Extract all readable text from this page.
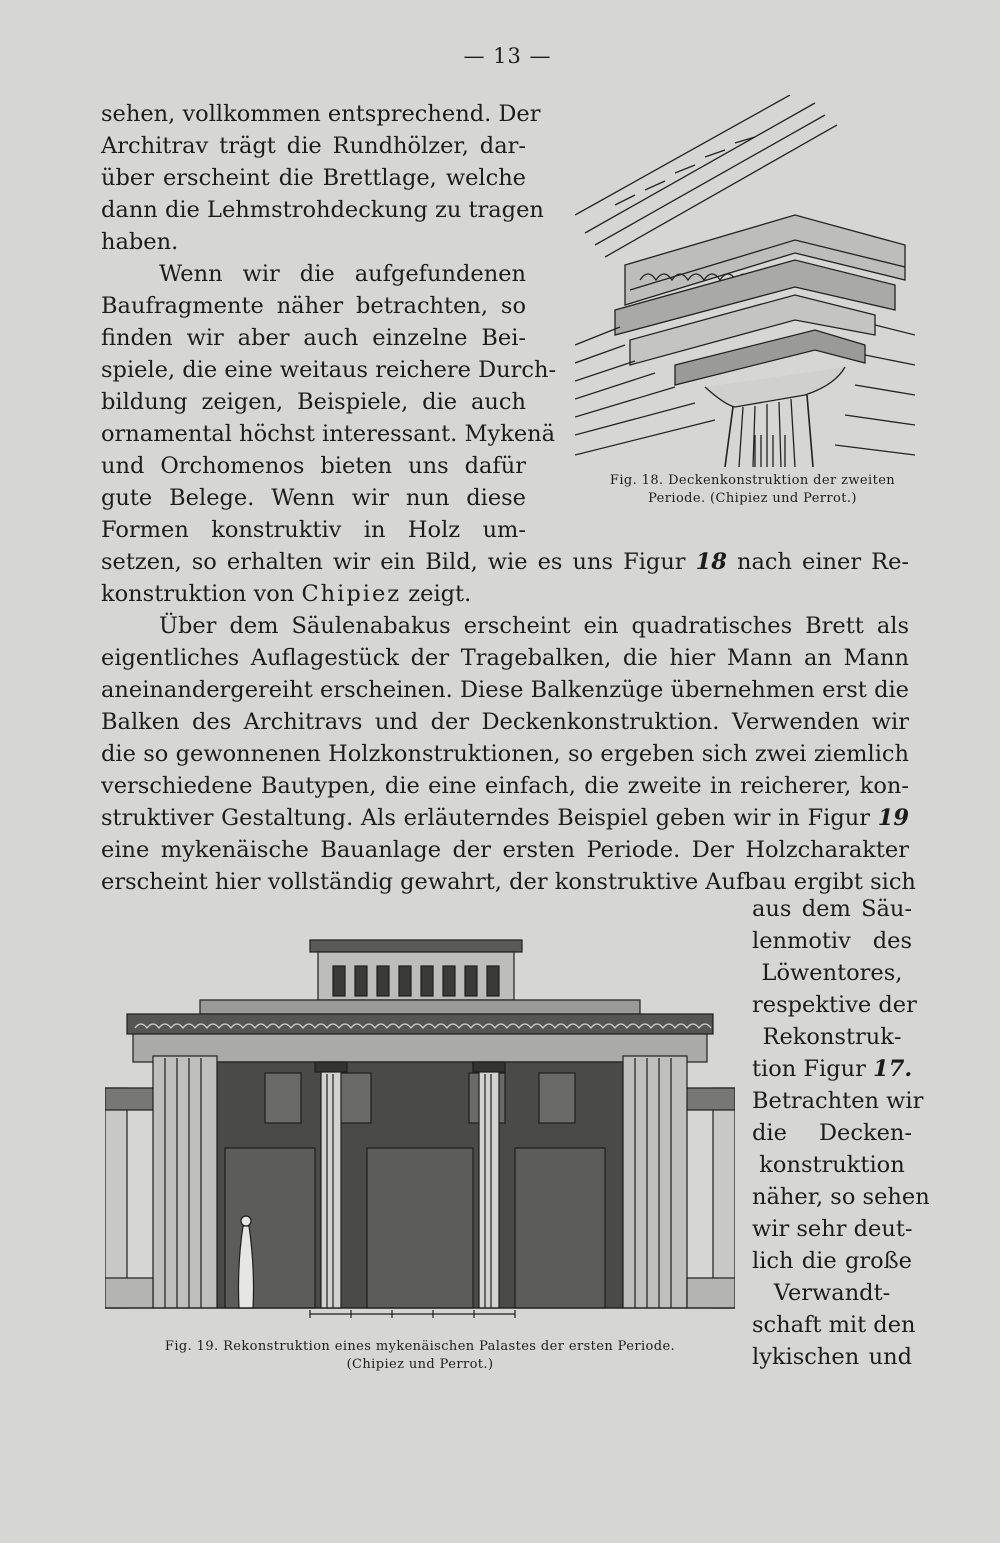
— 13 —

sehen, vollkommen entsprechend. Der

Architrav trägt die Rundhölzer, dar‑

über erscheint die Brettlage, welche

dann die Lehmstrohdeckung zu tragen

haben.

Wenn wir die aufgefundenen

Baufragmente näher betrachten, so

finden wir aber auch einzelne Bei‑

spiele, die eine weitaus reichere Durch‑

bildung zeigen, Beispiele, die auch

ornamental höchst interessant. Mykenä

und Orchomenos bieten uns dafür

gute Belege. Wenn wir nun diese

Formen konstruktiv in Holz um‑

Fig. 18. Deckenkonstruktion der zweiten
Periode. (Chipiez und Perrot.)

setzen, so erhalten wir ein Bild, wie es uns Figur 18 nach einer Re‑

konstruktion von Chipiez zeigt.

Über dem Säulenabakus erscheint ein quadratisches Brett als

eigentliches Auflagestück der Tragebalken, die hier Mann an Mann

aneinandergereiht erscheinen. Diese Balkenzüge übernehmen erst die

Balken des Architravs und der Deckenkonstruktion. Verwenden wir

die so gewonnenen Holzkonstruktionen, so ergeben sich zwei ziemlich

verschiedene Bautypen, die eine einfach, die zweite in reicherer, kon‑

struktiver Gestaltung. Als erläuterndes Beispiel geben wir in Figur 19

eine mykenäische Bauanlage der ersten Periode. Der Holzcharakter

erscheint hier vollständig gewahrt, der konstruktive Aufbau ergibt sich

aus dem Säu‑

lenmotiv des

Löwentores,

respektive der

Rekonstruk‑

tion Figur 17.

Betrachten wir

die Decken‑

konstruktion

näher, so sehen

wir sehr deut‑

lich die große

Verwandt‑

schaft mit den

lykischen und

Fig. 19. Rekonstruktion eines mykenäischen Palastes der ersten Periode.
(Chipiez und Perrot.)
